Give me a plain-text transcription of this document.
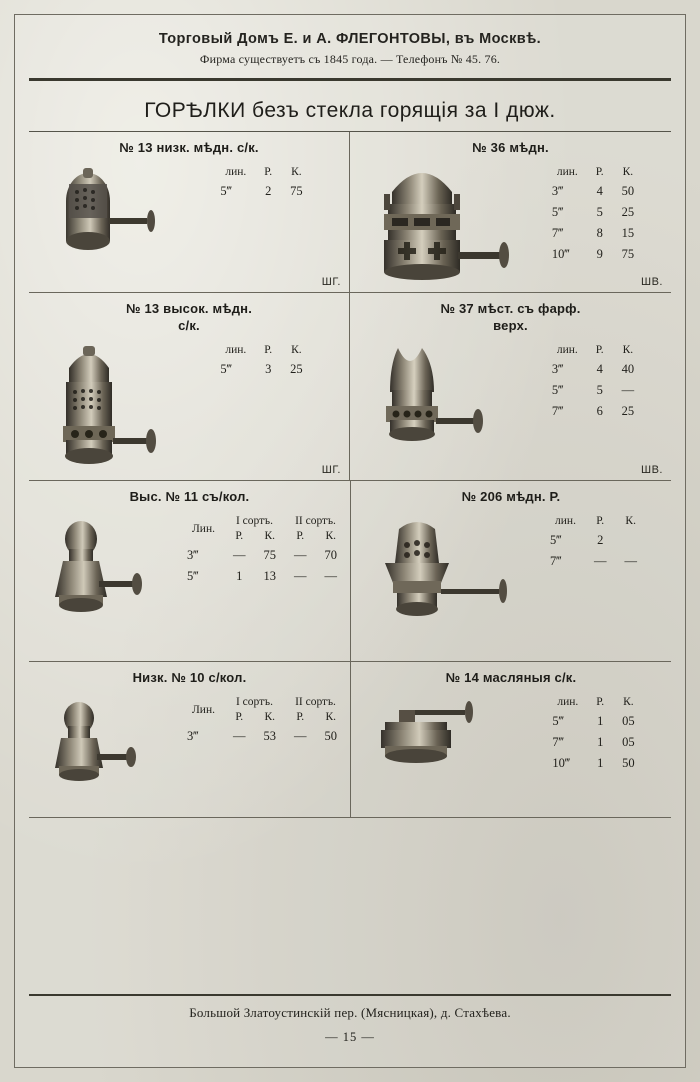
Торговый Домъ Е. и А. ФЛЕГОНТОВЫ, въ Москвѣ.
Фирма существуетъ съ 1845 года. — Телефонъ № 45. 76.
ГОРѢЛКИ безъ стекла горящія за I дюж.
№ 13 низк. мѣдн. с/к.
лин.	Р.	К.
5‴	2	75
ШГ.
№ 36 мѣдн.
лин.	Р.	К.
3‴	4	50
5‴	5	25
7‴	8	15
10‴	9	75
ШВ.
№ 13 высок. мѣдн.
с/к.
лин.	Р.	К.
5‴	3	25
ШГ.
№ 37 мѣст. съ фарф.
верх.
лин.	Р.	К.
3‴	4	40
5‴	5	—
7‴	6	25
ШВ.
Выс. № 11 съ/кол.
Лин.	I сортъ.		II сортъ.	
	Р.	К.	Р.	К.
3‴	—	75	—	70
5‴	1	13	—	—
№ 206 мѣдн. Р.
лин.	Р.	К.
5‴	2	
7‴	—	—
Низк. № 10 с/кол.
Лин.	I сортъ.		II сортъ.	
	Р.	К.	Р.	К.
3‴	—	53	—	50
№ 14 масляныя с/к.
лин.	Р.	К.
5‴	1	05
7‴	1	05
10‴	1	50
Большой Златоустинскій пер. (Мясницкая), д. Стахѣева.
— 15 —
